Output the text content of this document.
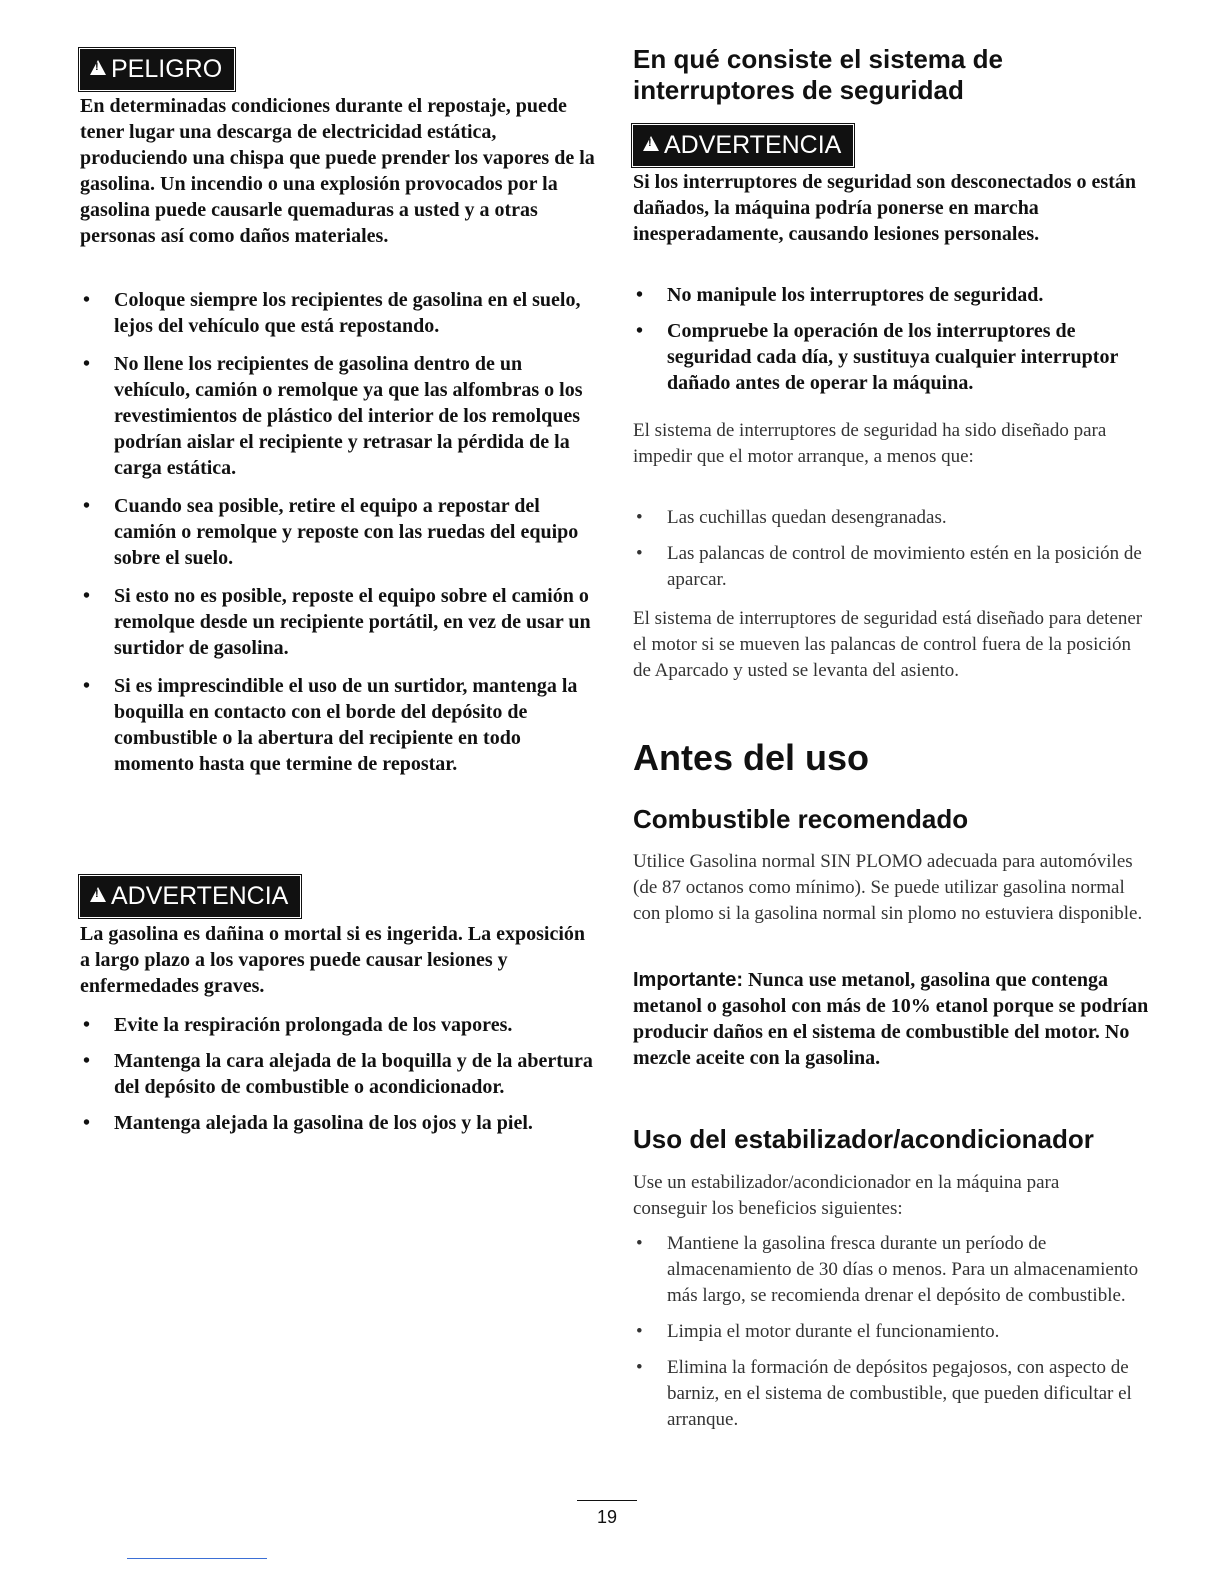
!PELIGRO

En determinadas condiciones durante el repostaje, puede tener lugar una descarga de electricidad estática, produciendo una chispa que puede prender los vapores de la gasolina. Un incendio o una explosión provocados por la gasolina puede causarle quemaduras a usted y a otras personas así como daños materiales.

• Coloque siempre los recipientes de gasolina en el suelo, lejos del vehículo que está repostando.
• No llene los recipientes de gasolina dentro de un vehículo, camión o remolque ya que las alfombras o los revestimientos de plástico del interior de los remolques podrían aislar el recipiente y retrasar la pérdida de la carga estática.
• Cuando sea posible, retire el equipo a repostar del camión o remolque y reposte con las ruedas del equipo sobre el suelo.
• Si esto no es posible, reposte el equipo sobre el camión o remolque desde un recipiente portátil, en vez de usar un surtidor de gasolina.
• Si es imprescindible el uso de un surtidor, mantenga la boquilla en contacto con el borde del depósito de combustible o la abertura del recipiente en todo momento hasta que termine de repostar.
!ADVERTENCIA

La gasolina es dañina o mortal si es ingerida. La exposición a largo plazo a los vapores puede causar lesiones y enfermedades graves.

• Evite la respiración prolongada de los vapores.
• Mantenga la cara alejada de la boquilla y de la abertura del depósito de combustible o acondicionador.
• Mantenga alejada la gasolina de los ojos y la piel.
En qué consiste el sistema de interruptores de seguridad
!ADVERTENCIA

Si los interruptores de seguridad son desconectados o están dañados, la máquina podría ponerse en marcha inesperadamente, causando lesiones personales.

• No manipule los interruptores de seguridad.
• Compruebe la operación de los interruptores de seguridad cada día, y sustituya cualquier interruptor dañado antes de operar la máquina.

El sistema de interruptores de seguridad ha sido diseñado para impedir que el motor arranque, a menos que:

• Las cuchillas quedan desengranadas.
• Las palancas de control de movimiento estén en la posición de aparcar.

El sistema de interruptores de seguridad está diseñado para detener el motor si se mueven las palancas de control fuera de la posición de Aparcado y usted se levanta del asiento.

Antes del uso
Combustible recomendado

Utilice Gasolina normal SIN PLOMO adecuada para automóviles (de 87 octanos como mínimo). Se puede utilizar gasolina normal con plomo si la gasolina normal sin plomo no estuviera disponible.

Importante: Nunca use metanol, gasolina que contenga metanol o gasohol con más de 10% etanol porque se podrían producir daños en el sistema de combustible del motor. No mezcle aceite con la gasolina.

Uso del estabilizador/acondicionador

Use un estabilizador/acondicionador en la máquina para conseguir los beneficios siguientes:

• Mantiene la gasolina fresca durante un período de almacenamiento de 30 días o menos. Para un almacenamiento más largo, se recomienda drenar el depósito de combustible.
• Limpia el motor durante el funcionamiento.
• Elimina la formación de depósitos pegajosos, con aspecto de barniz, en el sistema de combustible, que pueden dificultar el arranque.
19
